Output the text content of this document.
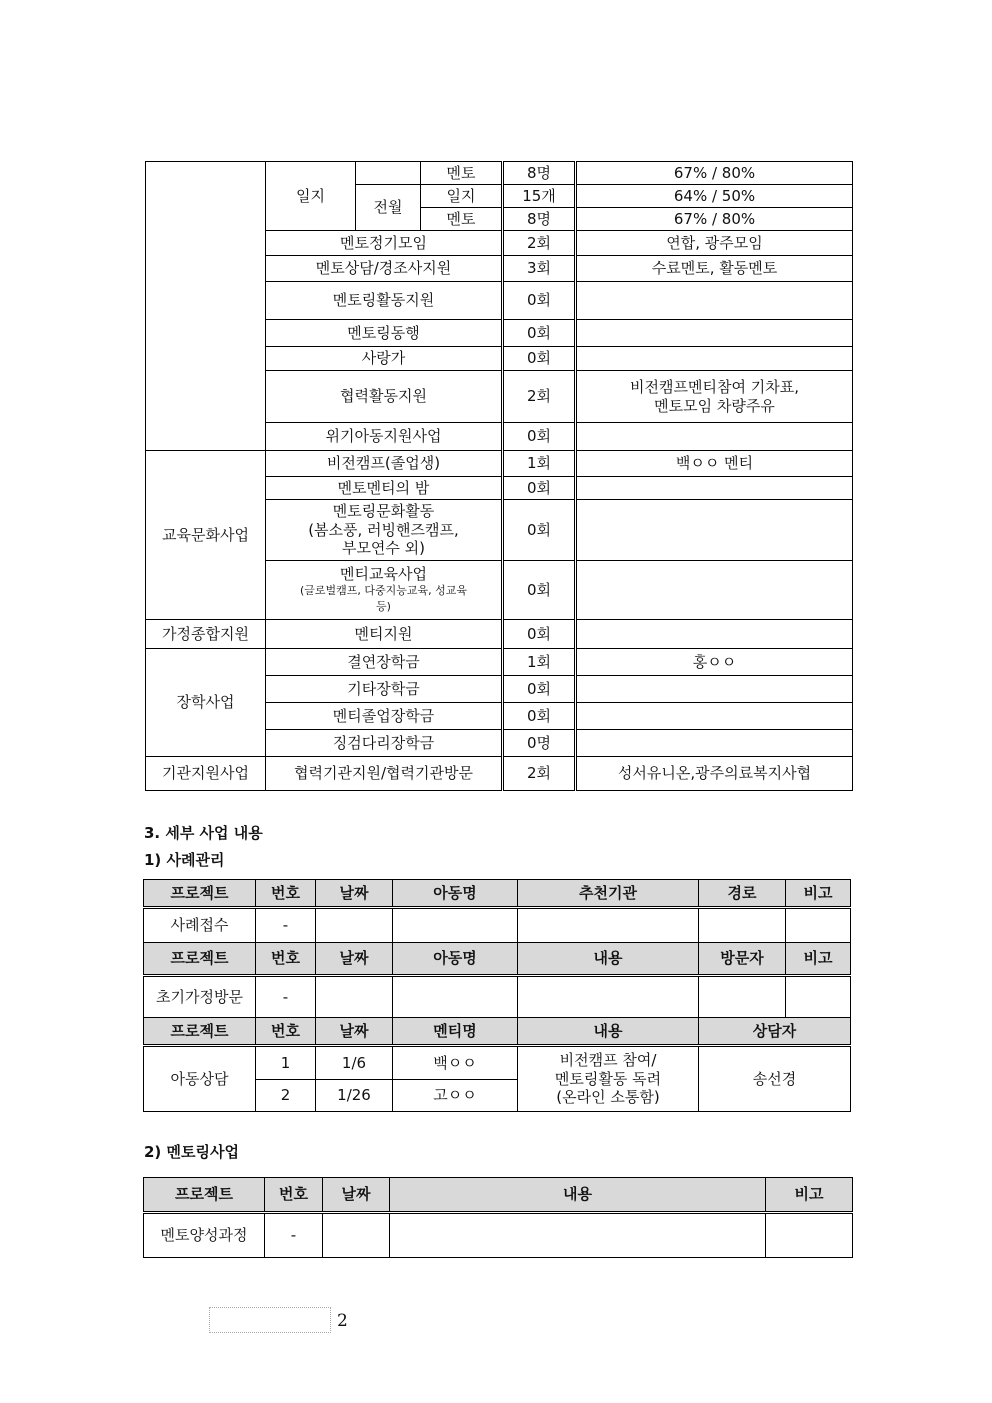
	일지		멘토	8명	67% / 80%
		전월	일지	15개	64% / 50%
			멘토	8명	67% / 80%
	멘토정기모임			2회	연합, 광주모임
	멘토상담/경조사지원			3회	수료멘토, 활동멘토
	멘토링활동지원			0회	
	멘토링동행			0회	
	사랑가			0회	
	협력활동지원			2회	비전캠프멘티참여 기차표,
멘토모임 차량주유

	위기아동지원사업			0회	
교육문화사업	비전캠프(졸업생)			1회	백ㅇㅇ 멘티
	멘토멘티의 밤			0회	

	멘토링문화활동
(봄소풍, 러빙핸즈캠프,
부모연수 외)			0회	

	멘티교육사업
(글로벌캠프, 다중지능교육, 성교육
등)			0회	
가정종합지원	멘티지원			0회	
장학사업	결연장학금			1회	홍ㅇㅇ
	기타장학금			0회	
	멘티졸업장학금			0회	
	징검다리장학금			0명	
기관지원사업	협력기관지원/협력기관방문			2회	성서유니온,광주의료복지사협

3. 세부 사업 내용

1) 사례관리

프로젝트	번호	날짜	아동명	추천기관	경로	비고
사례접수	-					
프로젝트	번호	날짜	아동명	내용	방문자	비고
초기가정방문	-					
프로젝트	번호	날짜	멘티명	내용	상담자	
아동상담	1	1/6	백ㅇㅇ	비전캠프 참여/
멘토링활동 독려
(온라인 소통함)	송선경	
	2	1/26	고ㅇㅇ			

2) 멘토링사업

프로젝트	번호	날짜	내용	비고
멘토양성과정	-			
2
